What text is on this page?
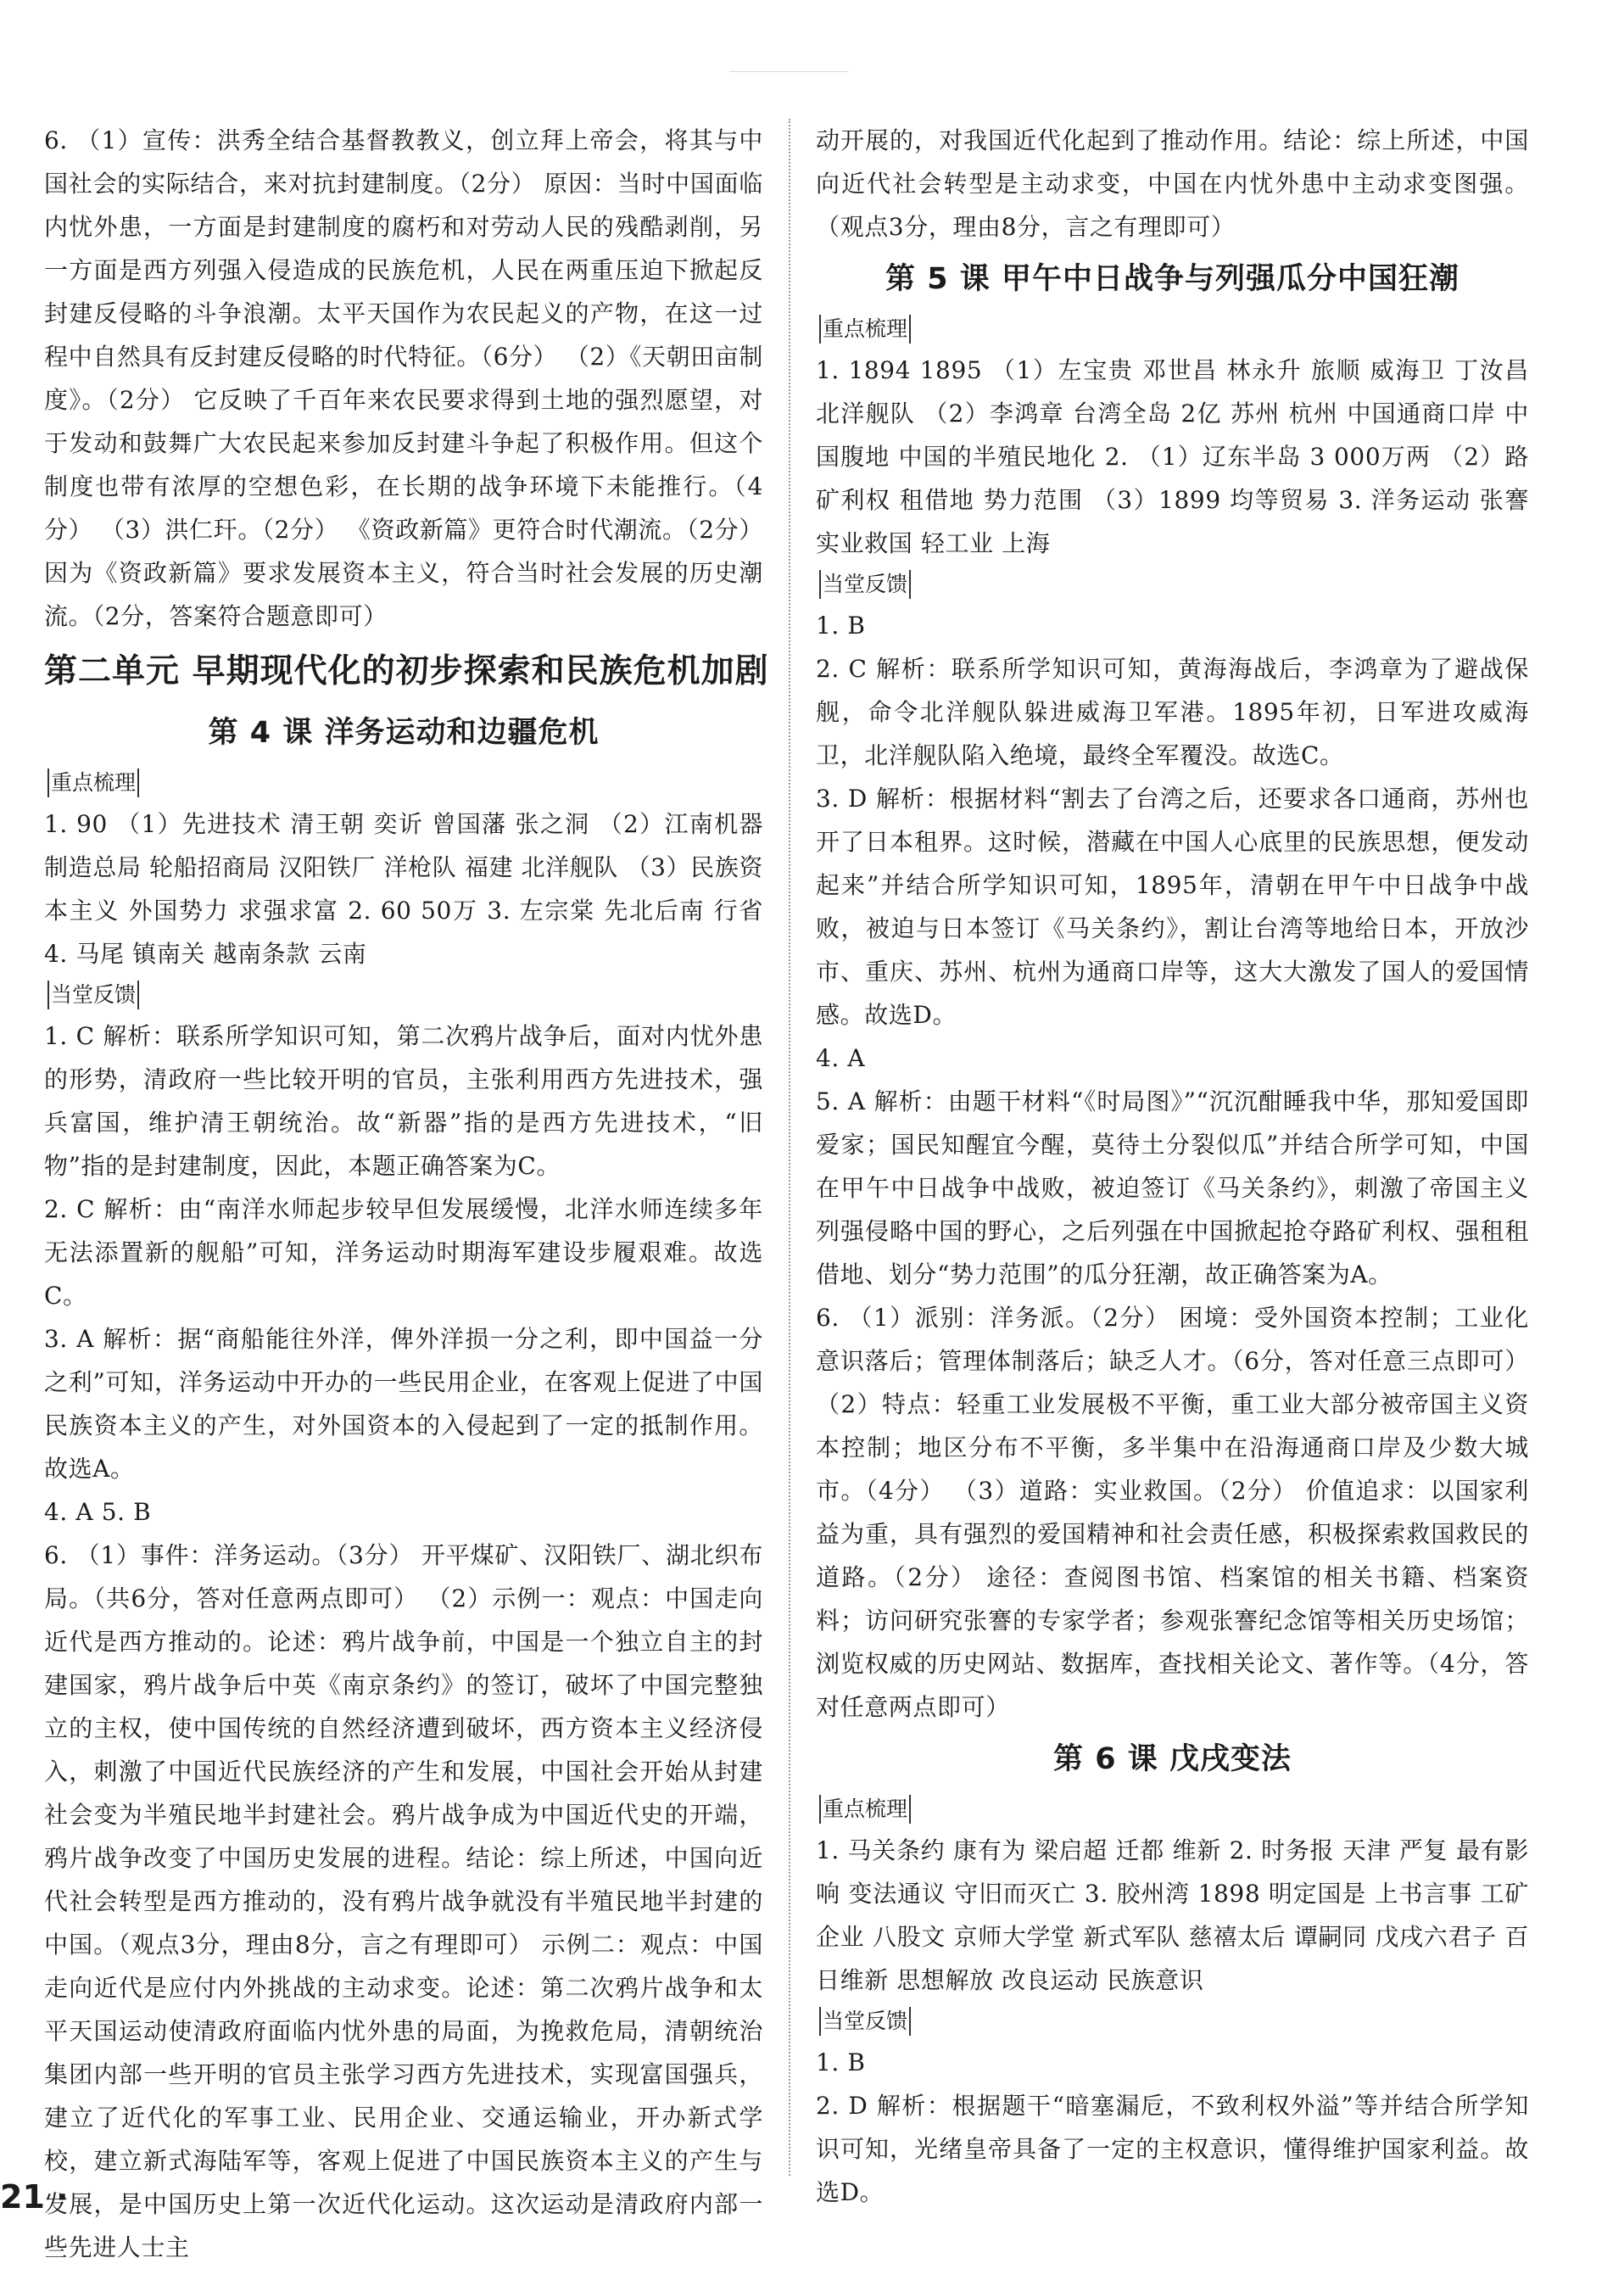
6. （1）宣传：洪秀全结合基督教教义，创立拜上帝会，将其与中国社会的实际结合，来对抗封建制度。（2分） 原因：当时中国面临内忧外患，一方面是封建制度的腐朽和对劳动人民的残酷剥削，另一方面是西方列强入侵造成的民族危机，人民在两重压迫下掀起反封建反侵略的斗争浪潮。太平天国作为农民起义的产物，在这一过程中自然具有反封建反侵略的时代特征。（6分） （2）《天朝田亩制度》。（2分） 它反映了千百年来农民要求得到土地的强烈愿望，对于发动和鼓舞广大农民起来参加反封建斗争起了积极作用。但这个制度也带有浓厚的空想色彩，在长期的战争环境下未能推行。（4分） （3）洪仁玕。（2分） 《资政新篇》更符合时代潮流。（2分） 因为《资政新篇》要求发展资本主义，符合当时社会发展的历史潮流。（2分，答案符合题意即可）

第二单元 早期现代化的初步探索和民族危机加剧
第 4 课 洋务运动和边疆危机
重点梳理

1. 90 （1）先进技术 清王朝 奕䜣 曾国藩 张之洞 （2）江南机器制造总局 轮船招商局 汉阳铁厂 洋枪队 福建 北洋舰队 （3）民族资本主义 外国势力 求强求富 2. 60 50万 3. 左宗棠 先北后南 行省 4. 马尾 镇南关 越南条款 云南

当堂反馈

1. C 解析：联系所学知识可知，第二次鸦片战争后，面对内忧外患的形势，清政府一些比较开明的官员，主张利用西方先进技术，强兵富国，维护清王朝统治。故“新器”指的是西方先进技术，“旧物”指的是封建制度，因此，本题正确答案为C。

2. C 解析：由“南洋水师起步较早但发展缓慢，北洋水师连续多年无法添置新的舰船”可知，洋务运动时期海军建设步履艰难。故选C。

3. A 解析：据“商船能往外洋，俾外洋损一分之利，即中国益一分之利”可知，洋务运动中开办的一些民用企业，在客观上促进了中国民族资本主义的产生，对外国资本的入侵起到了一定的抵制作用。故选A。

4. A 5. B

6. （1）事件：洋务运动。（3分） 开平煤矿、汉阳铁厂、湖北织布局。（共6分，答对任意两点即可） （2）示例一：观点：中国走向近代是西方推动的。论述：鸦片战争前，中国是一个独立自主的封建国家，鸦片战争后中英《南京条约》的签订，破坏了中国完整独立的主权，使中国传统的自然经济遭到破坏，西方资本主义经济侵入，刺激了中国近代民族经济的产生和发展，中国社会开始从封建社会变为半殖民地半封建社会。鸦片战争成为中国近代史的开端，鸦片战争改变了中国历史发展的进程。结论：综上所述，中国向近代社会转型是西方推动的，没有鸦片战争就没有半殖民地半封建的中国。（观点3分，理由8分，言之有理即可） 示例二：观点：中国走向近代是应付内外挑战的主动求变。论述：第二次鸦片战争和太平天国运动使清政府面临内忧外患的局面，为挽救危局，清朝统治集团内部一些开明的官员主张学习西方先进技术，实现富国强兵，建立了近代化的军事工业、民用企业、交通运输业，开办新式学校，建立新式海陆军等，客观上促进了中国民族资本主义的产生与发展，是中国历史上第一次近代化运动。这次运动是清政府内部一些先进人士主

动开展的，对我国近代化起到了推动作用。结论：综上所述，中国向近代社会转型是主动求变，中国在内忧外患中主动求变图强。（观点3分，理由8分，言之有理即可）

第 5 课 甲午中日战争与列强瓜分中国狂潮
重点梳理

1. 1894 1895 （1）左宝贵 邓世昌 林永升 旅顺 威海卫 丁汝昌 北洋舰队 （2）李鸿章 台湾全岛 2亿 苏州 杭州 中国通商口岸 中国腹地 中国的半殖民地化 2. （1）辽东半岛 3 000万两 （2）路矿利权 租借地 势力范围 （3）1899 均等贸易 3. 洋务运动 张謇 实业救国 轻工业 上海

当堂反馈

1. B

2. C 解析：联系所学知识可知，黄海海战后，李鸿章为了避战保舰，命令北洋舰队躲进威海卫军港。1895年初，日军进攻威海卫，北洋舰队陷入绝境，最终全军覆没。故选C。

3. D 解析：根据材料“割去了台湾之后，还要求各口通商，苏州也开了日本租界。这时候，潜藏在中国人心底里的民族思想，便发动起来”并结合所学知识可知，1895年，清朝在甲午中日战争中战败，被迫与日本签订《马关条约》，割让台湾等地给日本，开放沙市、重庆、苏州、杭州为通商口岸等，这大大激发了国人的爱国情感。故选D。

4. A

5. A 解析：由题干材料“《时局图》”“沉沉酣睡我中华，那知爱国即爱家；国民知醒宜今醒，莫待土分裂似瓜”并结合所学可知，中国在甲午中日战争中战败，被迫签订《马关条约》，刺激了帝国主义列强侵略中国的野心，之后列强在中国掀起抢夺路矿利权、强租租借地、划分“势力范围”的瓜分狂潮，故正确答案为A。

6. （1）派别：洋务派。（2分） 困境：受外国资本控制；工业化意识落后；管理体制落后；缺乏人才。（6分，答对任意三点即可） （2）特点：轻重工业发展极不平衡，重工业大部分被帝国主义资本控制；地区分布不平衡，多半集中在沿海通商口岸及少数大城市。（4分） （3）道路：实业救国。（2分） 价值追求：以国家利益为重，具有强烈的爱国精神和社会责任感，积极探索救国救民的道路。（2分） 途径：查阅图书馆、档案馆的相关书籍、档案资料；访问研究张謇的专家学者；参观张謇纪念馆等相关历史场馆；浏览权威的历史网站、数据库，查找相关论文、著作等。（4分，答对任意两点即可）

第 6 课 戊戌变法
重点梳理

1. 马关条约 康有为 梁启超 迁都 维新 2. 时务报 天津 严复 最有影响 变法通议 守旧而灭亡 3. 胶州湾 1898 明定国是 上书言事 工矿企业 八股文 京师大学堂 新式军队 慈禧太后 谭嗣同 戊戌六君子 百日维新 思想解放 改良运动 民族意识

当堂反馈

1. B

2. D 解析：根据题干“暗塞漏卮，不致利权外溢”等并结合所学知识可知，光绪皇帝具备了一定的主权意识，懂得维护国家利益。故选D。

21 ·
